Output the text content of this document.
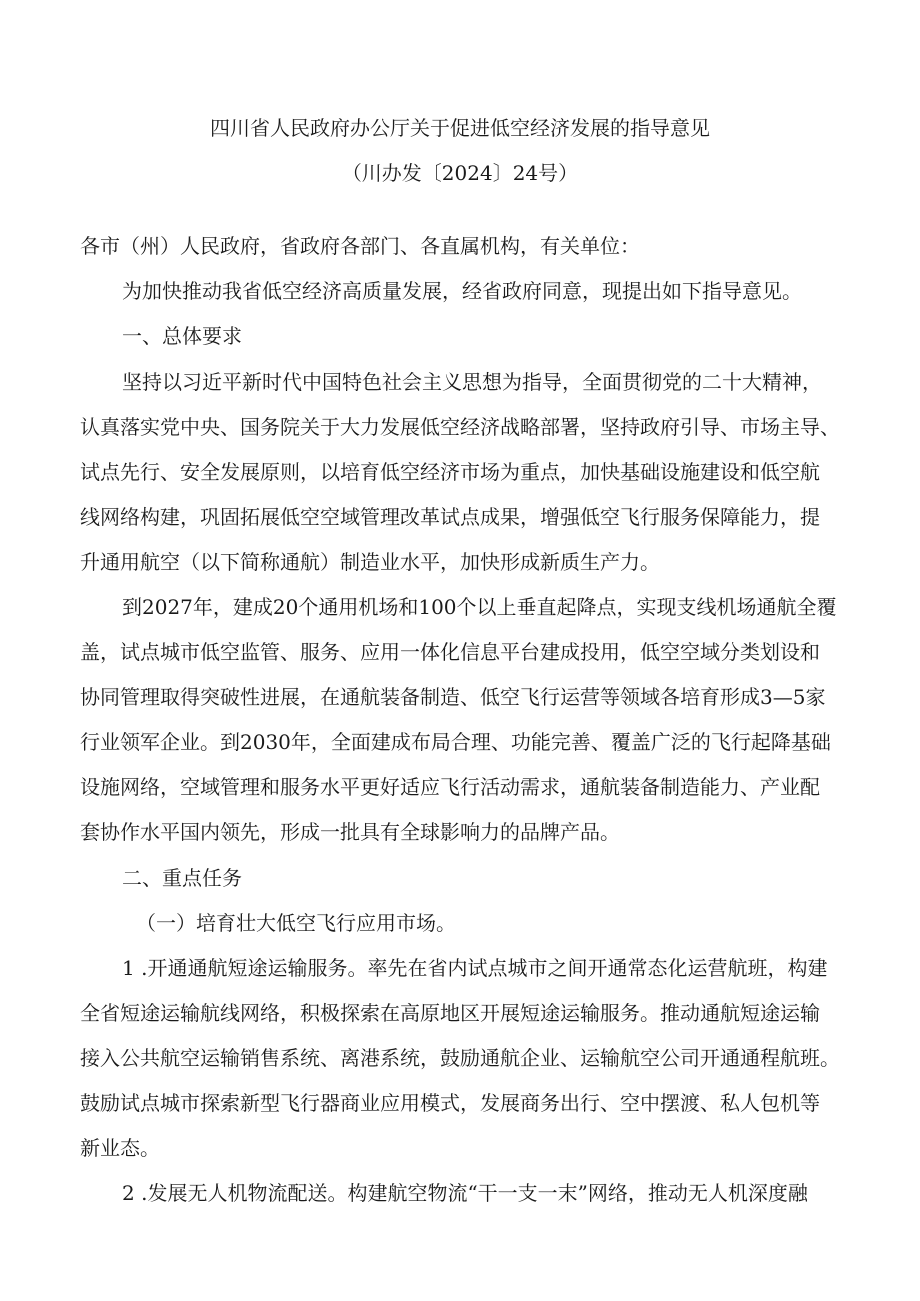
四川省人民政府办公厅关于促进低空经济发展的指导意见
（川办发〔2024〕24号）
各市（州）人民政府，省政府各部门、各直属机构，有关单位：
为加快推动我省低空经济高质量发展，经省政府同意，现提出如下指导意见。
一、总体要求
坚持以习近平新时代中国特色社会主义思想为指导，全面贯彻党的二十大精神，
认真落实党中央、国务院关于大力发展低空经济战略部署，坚持政府引导、市场主导、
试点先行、安全发展原则，以培育低空经济市场为重点，加快基础设施建设和低空航
线网络构建，巩固拓展低空空域管理改革试点成果，增强低空飞行服务保障能力，提
升通用航空（以下简称通航）制造业水平，加快形成新质生产力。
到2027年，建成20个通用机场和100个以上垂直起降点，实现支线机场通航全覆
盖，试点城市低空监管、服务、应用一体化信息平台建成投用，低空空域分类划设和
协同管理取得突破性进展，在通航装备制造、低空飞行运营等领域各培育形成3—5家
行业领军企业。到2030年，全面建成布局合理、功能完善、覆盖广泛的飞行起降基础
设施网络，空域管理和服务水平更好适应飞行活动需求，通航装备制造能力、产业配
套协作水平国内领先，形成一批具有全球影响力的品牌产品。
二、重点任务
（一）培育壮大低空飞行应用市场。
1 .开通通航短途运输服务。率先在省内试点城市之间开通常态化运营航班，构建
全省短途运输航线网络，积极探索在高原地区开展短途运输服务。推动通航短途运输
接入公共航空运输销售系统、离港系统，鼓励通航企业、运输航空公司开通通程航班。
鼓励试点城市探索新型飞行器商业应用模式，发展商务出行、空中摆渡、私人包机等
新业态。
2 .发展无人机物流配送。构建航空物流“干一支一末”网络，推动无人机深度融
